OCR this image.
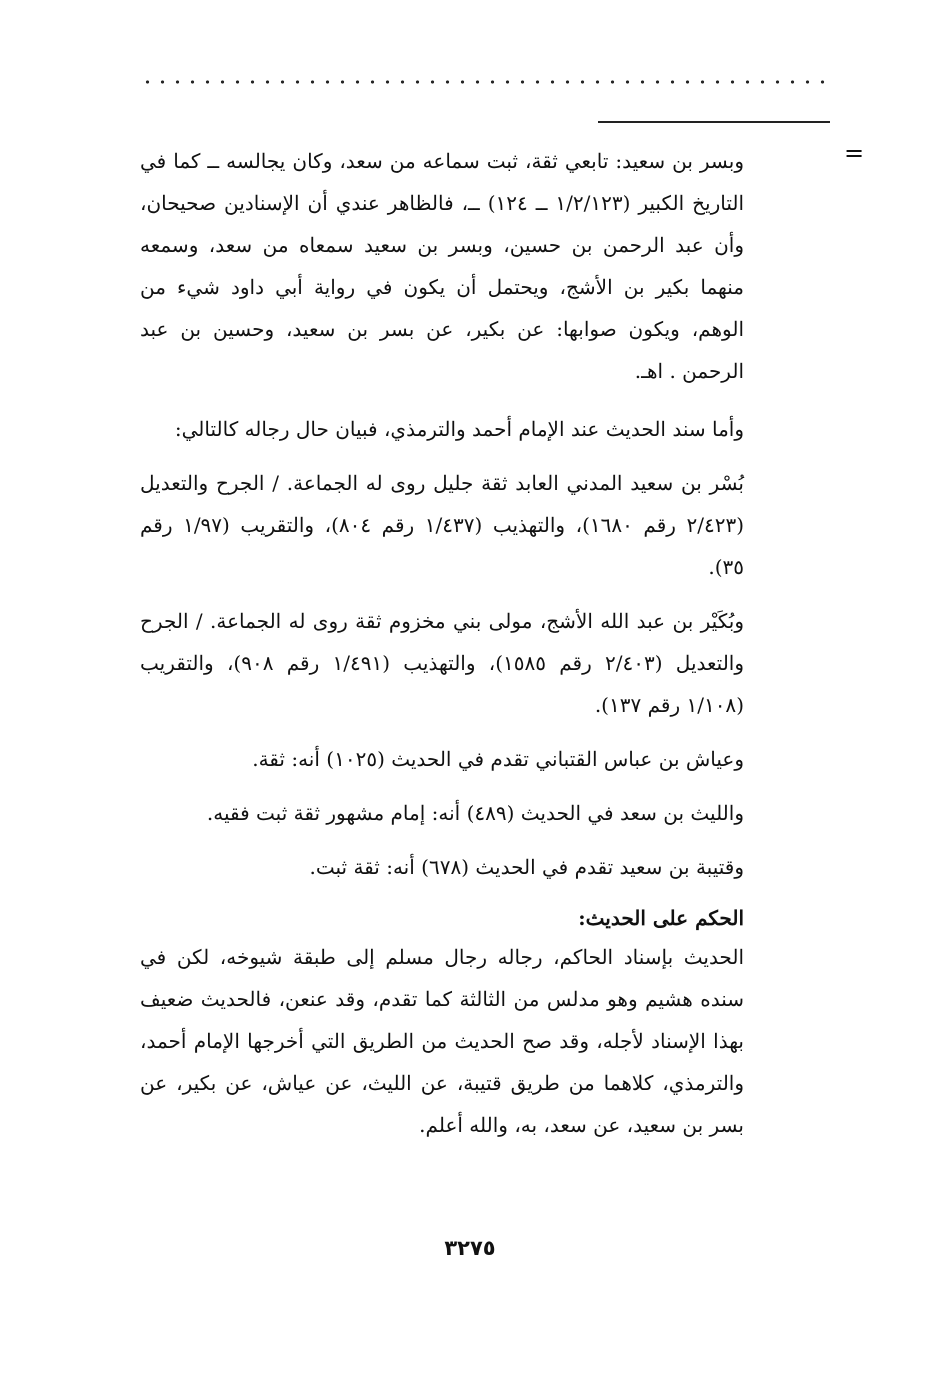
=

وبسر بن سعيد: تابعي ثقة، ثبت سماعه من سعد، وكان يجالسه ــ كما في التاريخ الكبير (١/٢/١٢٣ ــ ١٢٤) ــ، فالظاهر عندي أن الإسنادين صحيحان، وأن عبد الرحمن بن حسين، وبسر بن سعيد سمعاه من سعد، وسمعه منهما بكير بن الأشج، ويحتمل أن يكون في رواية أبي داود شيء من الوهم، ويكون صوابها: عن بكير، عن بسر بن سعيد، وحسين بن عبد الرحمن . اهـ.

وأما سند الحديث عند الإمام أحمد والترمذي، فبيان حال رجاله كالتالي:

بُسْر بن سعيد المدني العابد ثقة جليل روى له الجماعة. / الجرح والتعديل (٢/٤٢٣ رقم ١٦٨٠)، والتهذيب (١/٤٣٧ رقم ٨٠٤)، والتقريب (١/٩٧ رقم ٣٥).

وبُكَيْر بن عبد الله الأشج، مولى بني مخزوم ثقة روى له الجماعة. / الجرح والتعديل (٢/٤٠٣ رقم ١٥٨٥)، والتهذيب (١/٤٩١ رقم ٩٠٨)، والتقريب (١/١٠٨ رقم ١٣٧).

وعياش بن عباس القتباني تقدم في الحديث (١٠٢٥) أنه: ثقة.

والليث بن سعد في الحديث (٤٨٩) أنه: إمام مشهور ثقة ثبت فقيه.

وقتيبة بن سعيد تقدم في الحديث (٦٧٨) أنه: ثقة ثبت.

الحكم على الحديث:

الحديث بإسناد الحاكم، رجاله رجال مسلم إلى طبقة شيوخه، لكن في سنده هشيم وهو مدلس من الثالثة كما تقدم، وقد عنعن، فالحديث ضعيف بهذا الإسناد لأجله، وقد صح الحديث من الطريق التي أخرجها الإمام أحمد، والترمذي، كلاهما من طريق قتيبة، عن الليث، عن عياش، عن بكير، عن بسر بن سعيد، عن سعد، به، والله أعلم.

٣٢٧٥
